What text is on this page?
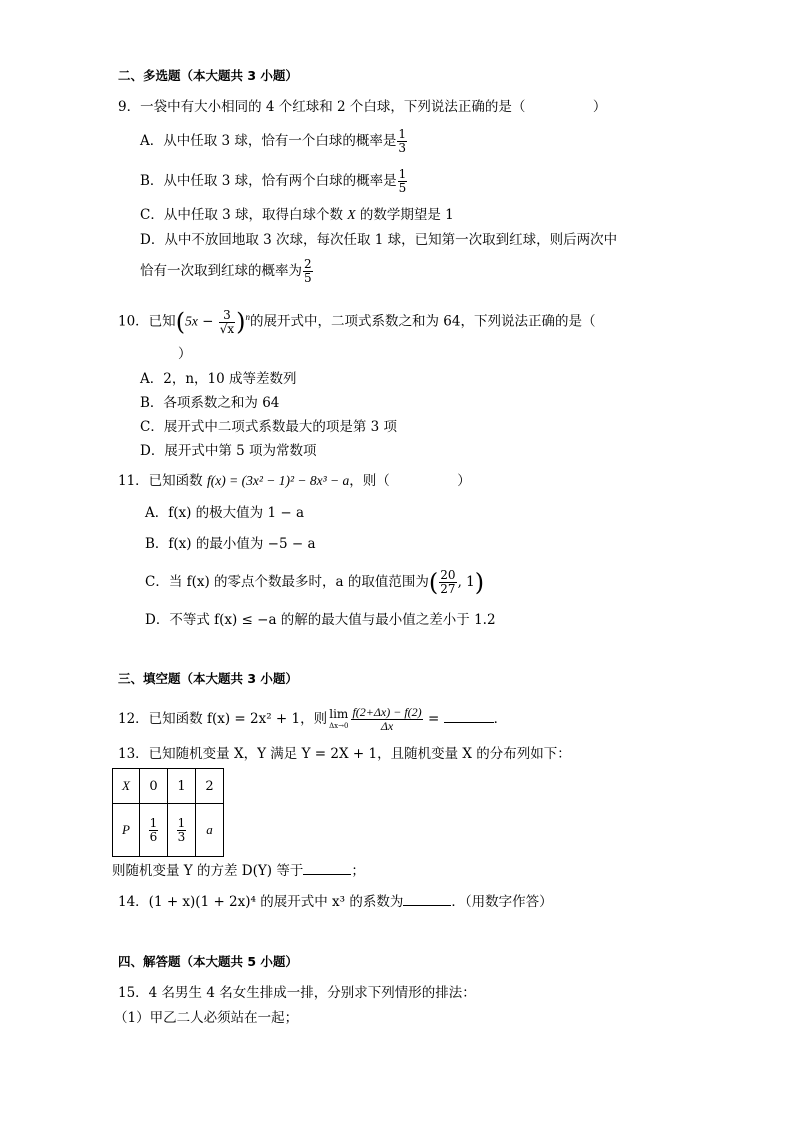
二、多选题（本大题共 3 小题）
9．一袋中有大小相同的 4 个红球和 2 个白球，下列说法正确的是（　　　　　）
A．从中任取 3 球，恰有一个白球的概率是 $\frac{1}{3}$
B．从中任取 3 球，恰有两个白球的概率是 $\frac{1}{5}$
C．从中任取 3 球，取得白球个数 X 的数学期望是 1
D．从中不放回地取 3 次球，每次任取 1 球，已知第一次取到红球，则后两次中
恰有一次取到红球的概率为 $\frac{2}{5}$
10．已知$(5x - \frac{3}{√x} )^n$的展开式中，二项式系数之和为 64，下列说法正确的是（
）
A．2，n，10 成等差数列
B．各项系数之和为 64
C．展开式中二项式系数最大的项是第 3 项
D．展开式中第 5 项为常数项
11．已知函数 f(x) = (3x² − 1)² − 8x³ − a，则（　　　　　）
A．f(x) 的极大值为 1 − a
B．f(x) 的最小值为 −5 − a
C．当 f(x) 的零点个数最多时，a 的取值范围为( $\frac{20}{27}$ , 1)
D．不等式 f(x) ≤ −a 的解的最大值与最小值之差小于 1.2
三、填空题（本大题共 3 小题）
12．已知函数 f(x) = 2x² + 1，则 lim
$\Delta x\to 0 \frac{f(2+\Delta x) - f(2)}{\Delta x}$ =	．
13．已知随机变量 X，Y 满足 Y = 2X + 1，且随机变量 X 的分布列如下：
X	0	1	2
P	$\frac{1}{6}$	$\frac{1}{3}$	a
则随机变量 Y 的方差 D(Y) 等于	；
14．(1 + x)(1 + 2x)⁴ 的展开式中 x³ 的系数为	．（用数字作答）
四、解答题（本大题共 5 小题）
15．4 名男生 4 名女生排成一排，分别求下列情形的排法：
（1）甲乙二人必须站在一起；
